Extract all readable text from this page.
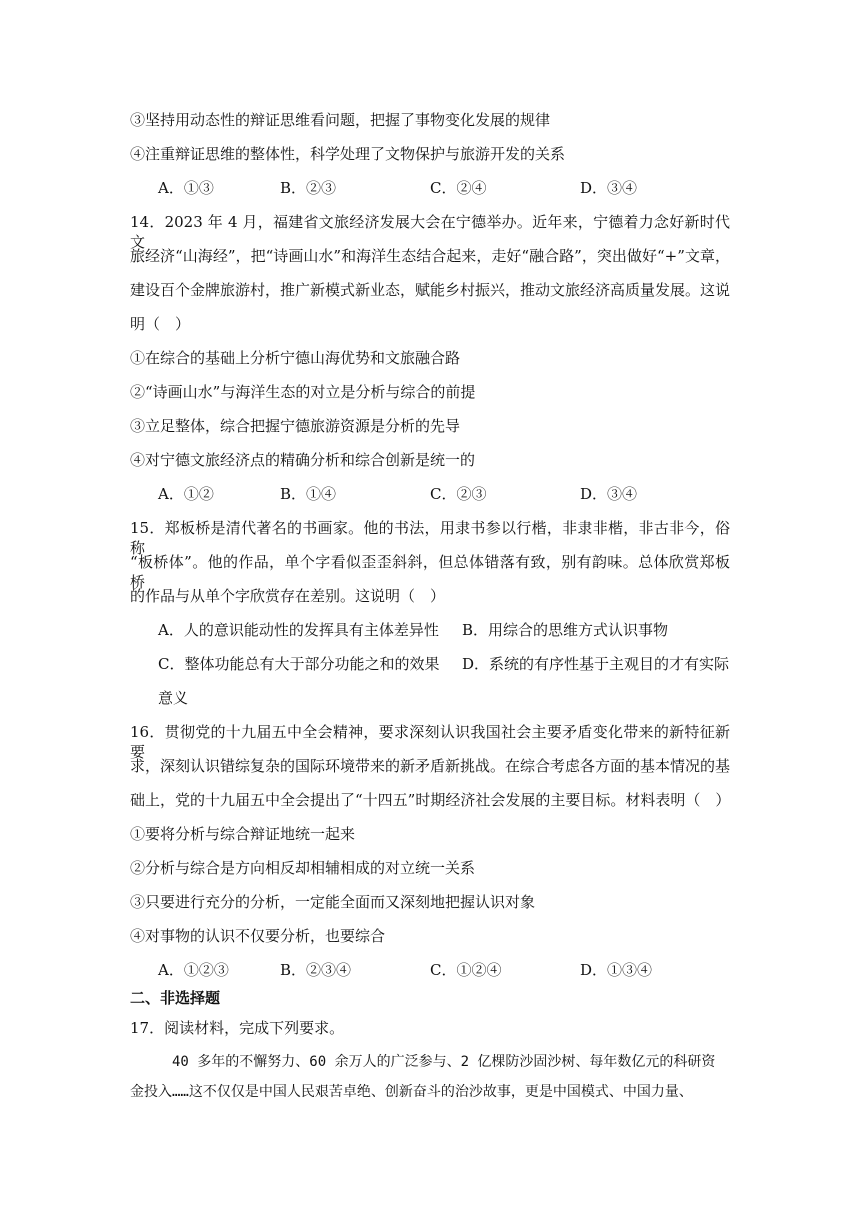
③坚持用动态性的辩证思维看问题，把握了事物变化发展的规律
④注重辩证思维的整体性，科学处理了文物保护与旅游开发的关系
A．①③	B．②③	C．②④	D．③④
14．2023 年 4 月，福建省文旅经济发展大会在宁德举办。近年来，宁德着力念好新时代文
旅经济“山海经”，把“诗画山水”和海洋生态结合起来，走好“融合路”，突出做好“+”文章，
建设百个金牌旅游村，推广新模式新业态，赋能乡村振兴，推动文旅经济高质量发展。这说
明（　）
①在综合的基础上分析宁德山海优势和文旅融合路
②“诗画山水”与海洋生态的对立是分析与综合的前提
③立足整体，综合把握宁德旅游资源是分析的先导
④对宁德文旅经济点的精确分析和综合创新是统一的
A．①②	B．①④	C．②③	D．③④
15．郑板桥是清代著名的书画家。他的书法，用隶书参以行楷，非隶非楷，非古非今，俗称
“板桥体”。他的作品，单个字看似歪歪斜斜，但总体错落有致，别有韵味。总体欣赏郑板桥
的作品与从单个字欣赏存在差别。这说明（　）
A．人的意识能动性的发挥具有主体差异性 B．用综合的思维方式认识事物
C．整体功能总有大于部分功能之和的效果 D．系统的有序性基于主观目的才有实际
意义
16．贯彻党的十九届五中全会精神，要求深刻认识我国社会主要矛盾变化带来的新特征新要
求，深刻认识错综复杂的国际环境带来的新矛盾新挑战。在综合考虑各方面的基本情况的基
础上，党的十九届五中全会提出了“十四五”时期经济社会发展的主要目标。材料表明（　）
①要将分析与综合辩证地统一起来
②分析与综合是方向相反却相辅相成的对立统一关系
③只要进行充分的分析，一定能全面而又深刻地把握认识对象
④对事物的认识不仅要分析，也要综合
A．①②③	B．②③④	C．①②④	D．①③④
二、非选择题
17．阅读材料，完成下列要求。
40 多年的不懈努力、60 余万人的广泛参与、2 亿棵防沙固沙树、每年数亿元的科研资
金投入……这不仅仅是中国人民艰苦卓绝、创新奋斗的治沙故事，更是中国模式、中国力量、
